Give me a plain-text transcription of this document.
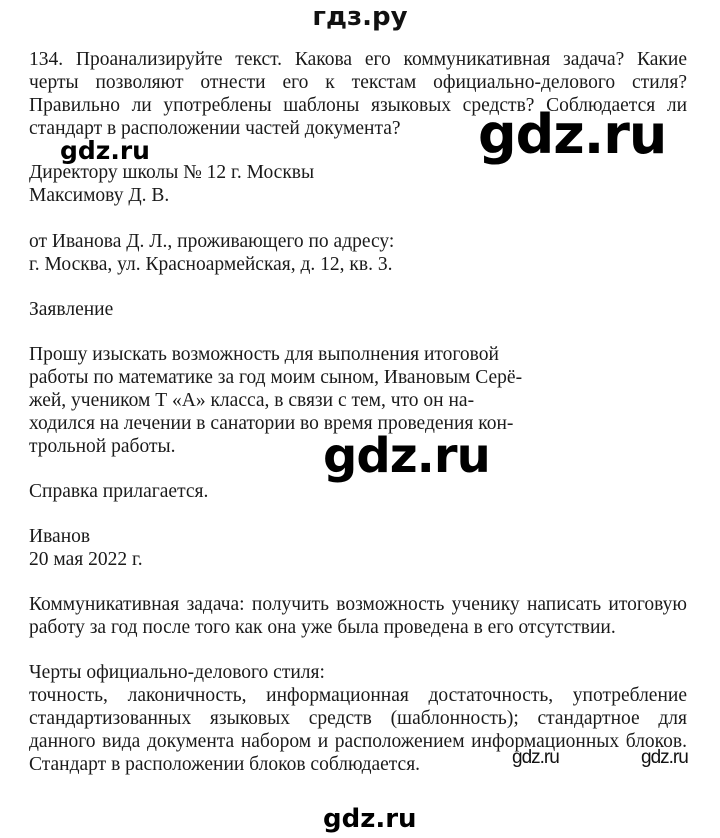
гдз.ру
134. Проанализируйте текст. Какова его коммуникативная задача? Какие
черты позволяют отнести его к текстам официально-делового стиля?
Правильно ли употреблены шаблоны языковых средств? Соблюдается ли
стандарт в расположении частей документа?
Директору школы № 12 г. Москвы
Максимову Д. В.
от Иванова Д. Л., проживающего по адресу:
г. Москва, ул. Красноармейская, д. 12, кв. 3.
Заявление
Прошу изыскать возможность для выполнения итоговой
работы по математике за год моим сыном, Ивановым Серё-
жей, учеником Т «А» класса, в связи с тем, что он на-
ходился на лечении в санатории во время проведения кон-
трольной работы.
Справка прилагается.
Иванов
20 мая 2022 г.
Коммуникативная задача: получить возможность ученику написать итоговую
работу за год после того как она уже была проведена в его отсутствии.
Черты официально-делового стиля:
точность, лаконичность, информационная достаточность, употребление
стандартизованных языковых средств (шаблонность); стандартное для
данного вида документа набором и расположением информационных блоков.
Стандарт в расположении блоков соблюдается.
gdz.ru
gdz.ru
gdz.ru
gdz.ru	gdz.ru
gdz.ru
